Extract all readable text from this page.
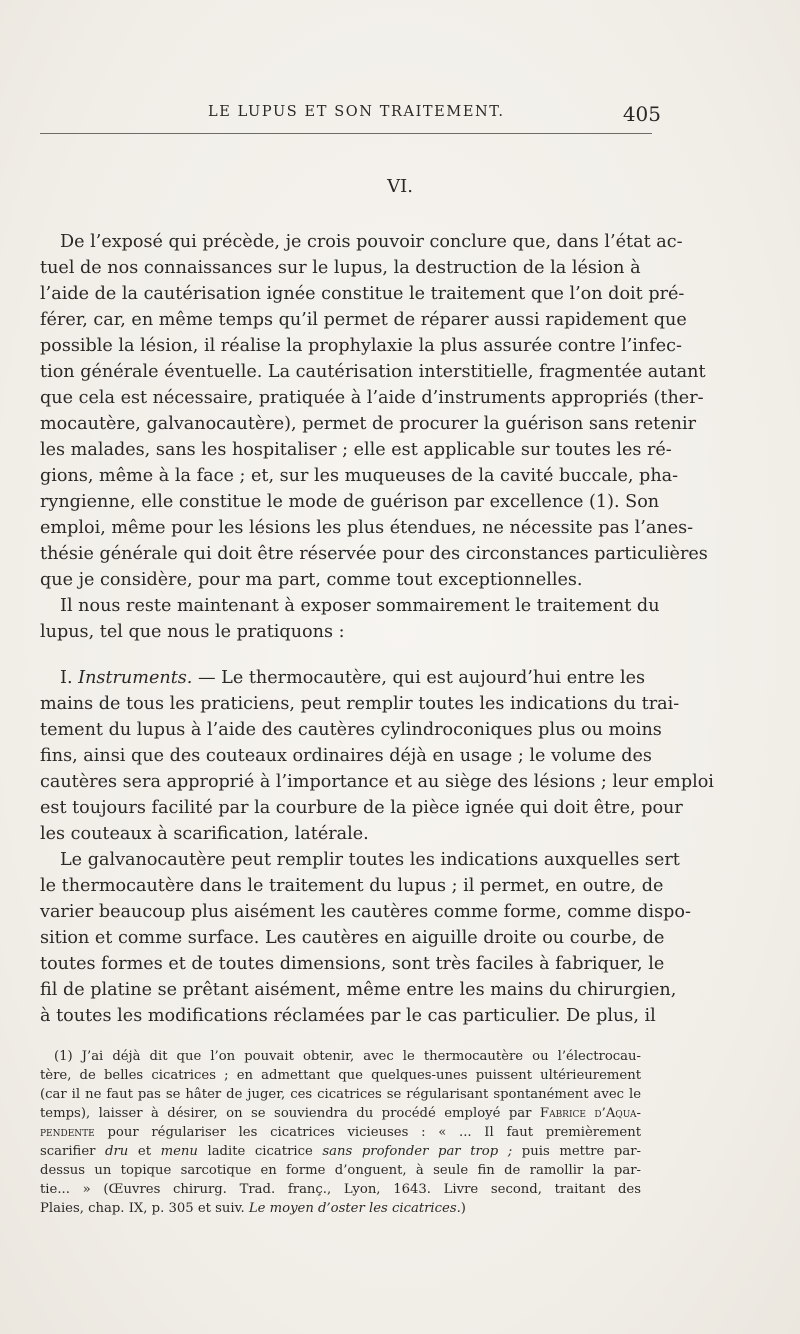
LE LUPUS ET SON TRAITEMENT.	405
VI.
De l’exposé qui précède, je crois pouvoir conclure que, dans l’état ac-
tuel de nos connaissances sur le lupus, la destruction de la lésion à
l’aide de la cautérisation ignée constitue le traitement que l’on doit pré-
férer, car, en même temps qu’il permet de réparer aussi rapidement que
possible la lésion, il réalise la prophylaxie la plus assurée contre l’infec-
tion générale éventuelle. La cautérisation interstitielle, fragmentée autant
que cela est nécessaire, pratiquée à l’aide d’instruments appropriés (ther-
mocautère, galvanocautère), permet de procurer la guérison sans retenir
les malades, sans les hospitaliser ; elle est applicable sur toutes les ré-
gions, même à la face ; et, sur les muqueuses de la cavité buccale, pha-
ryngienne, elle constitue le mode de guérison par excellence (1). Son
emploi, même pour les lésions les plus étendues, ne nécessite pas l’anes-
thésie générale qui doit être réservée pour des circonstances particulières
que je considère, pour ma part, comme tout exceptionnelles.
Il nous reste maintenant à exposer sommairement le traitement du
lupus, tel que nous le pratiquons :
I. Instruments. — Le thermocautère, qui est aujourd’hui entre les
mains de tous les praticiens, peut remplir toutes les indications du trai-
tement du lupus à l’aide des cautères cylindroconiques plus ou moins
fins, ainsi que des couteaux ordinaires déjà en usage ; le volume des
cautères sera approprié à l’importance et au siège des lésions ; leur emploi
est toujours facilité par la courbure de la pièce ignée qui doit être, pour
les couteaux à scarification, latérale.
Le galvanocautère peut remplir toutes les indications auxquelles sert
le thermocautère dans le traitement du lupus ; il permet, en outre, de
varier beaucoup plus aisément les cautères comme forme, comme dispo-
sition et comme surface. Les cautères en aiguille droite ou courbe, de
toutes formes et de toutes dimensions, sont très faciles à fabriquer, le
fil de platine se prêtant aisément, même entre les mains du chirurgien,
à toutes les modifications réclamées par le cas particulier. De plus, il
(1) J’ai déjà dit que l’on pouvait obtenir, avec le thermocautère ou l’électrocau-
tère, de belles cicatrices ; en admettant que quelques-unes puissent ultérieurement
(car il ne faut pas se hâter de juger, ces cicatrices se régularisant spontanément avec le
temps), laisser à désirer, on se souviendra du procédé employé par Fabrice d’Aqua-
pendente pour régulariser les cicatrices vicieuses : « ... Il faut premièrement
scarifier dru et menu ladite cicatrice sans profonder par trop ; puis mettre par-
dessus un topique sarcotique en forme d’onguent, à seule fin de ramollir la par-
tie... » (Œuvres chirurg. Trad. franç., Lyon, 1643. Livre second, traitant des
Plaies, chap. IX, p. 305 et suiv. Le moyen d’oster les cicatrices.)
